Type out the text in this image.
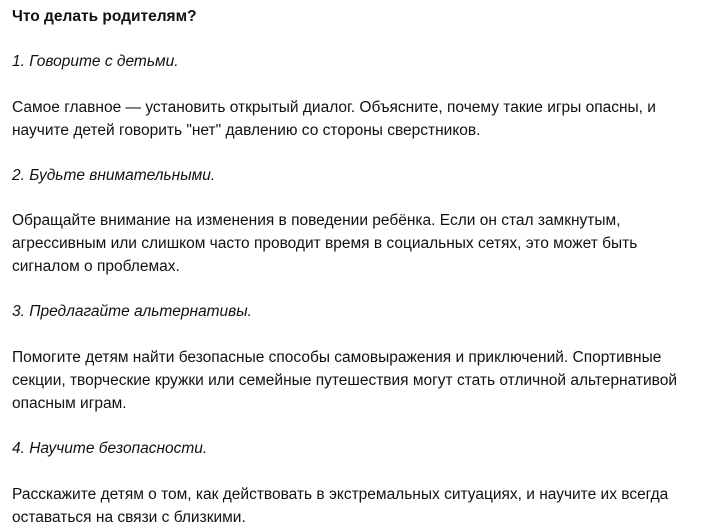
Что делать родителям?
1. Говорите с детьми.
Самое главное — установить открытый диалог. Объясните, почему такие игры опасны, и
научите детей говорить "нет" давлению со стороны сверстников.
2. Будьте внимательными.
Обращайте внимание на изменения в поведении ребёнка. Если он стал замкнутым,
агрессивным или слишком часто проводит время в социальных сетях, это может быть
сигналом о проблемах.
3. Предлагайте альтернативы.
Помогите детям найти безопасные способы самовыражения и приключений. Спортивные
секции, творческие кружки или семейные путешествия могут стать отличной альтернативой
опасным играм.
4. Научите безопасности.
Расскажите детям о том, как действовать в экстремальных ситуациях, и научите их всегда
оставаться на связи с близкими.
